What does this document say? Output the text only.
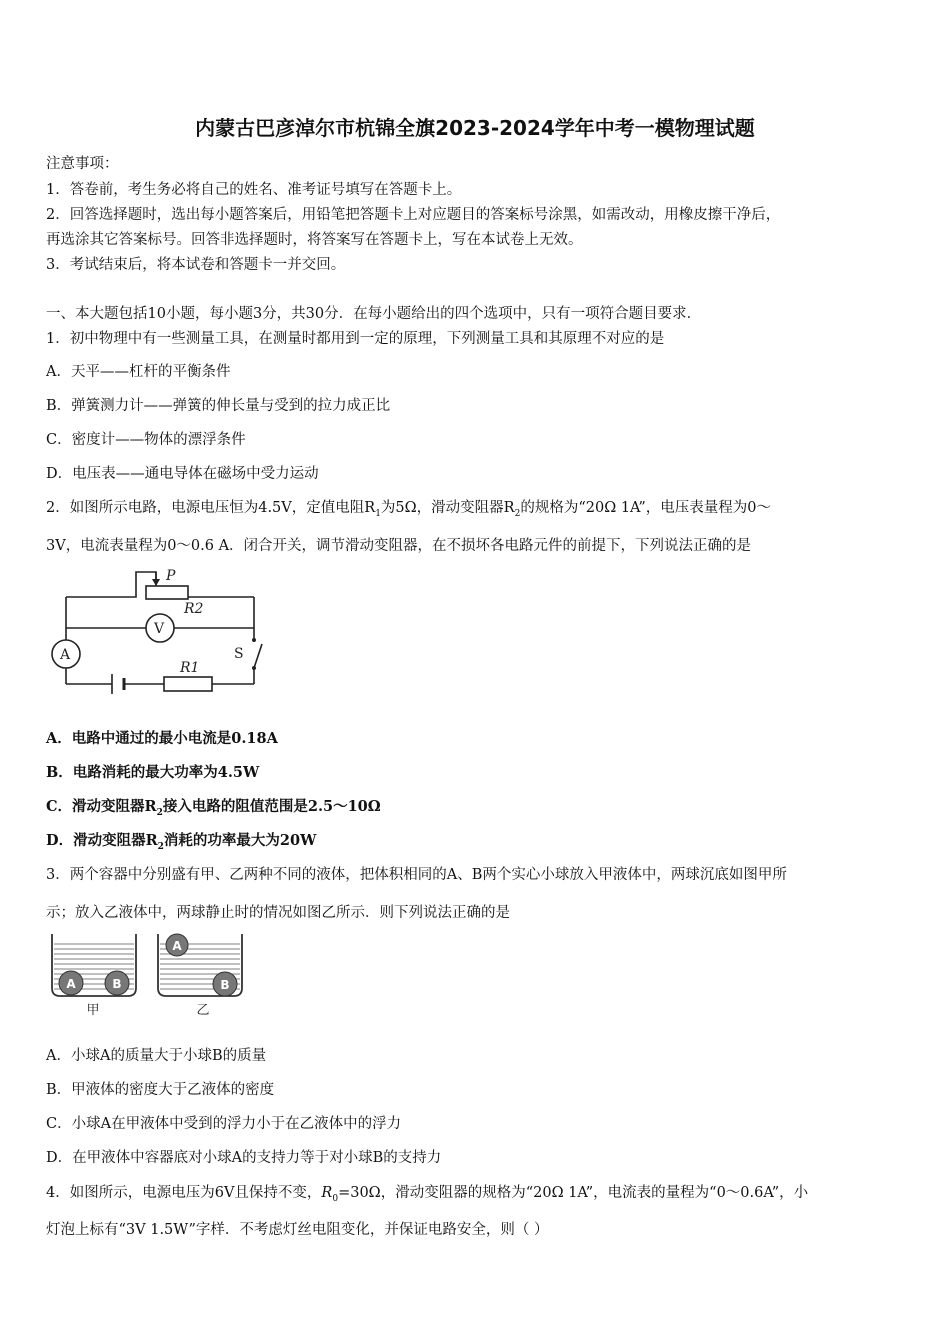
内蒙古巴彦淖尔市杭锦全旗2023-2024学年中考一模物理试题
注意事项：
1．答卷前，考生务必将自己的姓名、准考证号填写在答题卡上。
2．回答选择题时，选出每小题答案后，用铅笔把答题卡上对应题目的答案标号涂黑，如需改动，用橡皮擦干净后，
再选涂其它答案标号。回答非选择题时，将答案写在答题卡上，写在本试卷上无效。
3．考试结束后，将本试卷和答题卡一并交回。
一、本大题包括10小题，每小题3分，共30分．在每小题给出的四个选项中，只有一项符合题目要求．
1．初中物理中有一些测量工具，在测量时都用到一定的原理，下列测量工具和其原理不对应的是
A．天平——杠杆的平衡条件
B．弹簧测力计——弹簧的伸长量与受到的拉力成正比
C．密度计——物体的漂浮条件
D．电压表——通电导体在磁场中受力运动
2．如图所示电路，电源电压恒为4.5V，定值电阻$R_1$为5Ω，滑动变阻器$R_2$的规格为“20Ω 1A”，电压表量程为0～
3V，电流表量程为0～0.6 A．闭合开关，调节滑动变阻器，在不损坏各电路元件的前提下，下列说法正确的是
P
R2
V
A	S
R1
A．电路中通过的最小电流是0.18A
B．电路消耗的最大功率为4.5W
C．滑动变阻器$R_2$接入电路的阻值范围是2.5～10Ω
D．滑动变阻器$R_2$消耗的功率最大为20W
3．两个容器中分别盛有甲、乙两种不同的液体，把体积相同的A、B两个实心小球放入甲液体中，两球沉底如图甲所
示；放入乙液体中，两球静止时的情况如图乙所示．则下列说法正确的是
A	B
A
B
甲	乙
A．小球A的质量大于小球B的质量
B．甲液体的密度大于乙液体的密度
C．小球A在甲液体中受到的浮力小于在乙液体中的浮力
D．在甲液体中容器底对小球A的支持力等于对小球B的支持力
4．如图所示，电源电压为6V且保持不变，$R_0=30\Omega$，滑动变阻器的规格为“20Ω 1A”，电流表的量程为“0～0.6A”，小
灯泡上标有“3V 1.5W”字样．不考虑灯丝电阻变化，并保证电路安全，则（ ）
